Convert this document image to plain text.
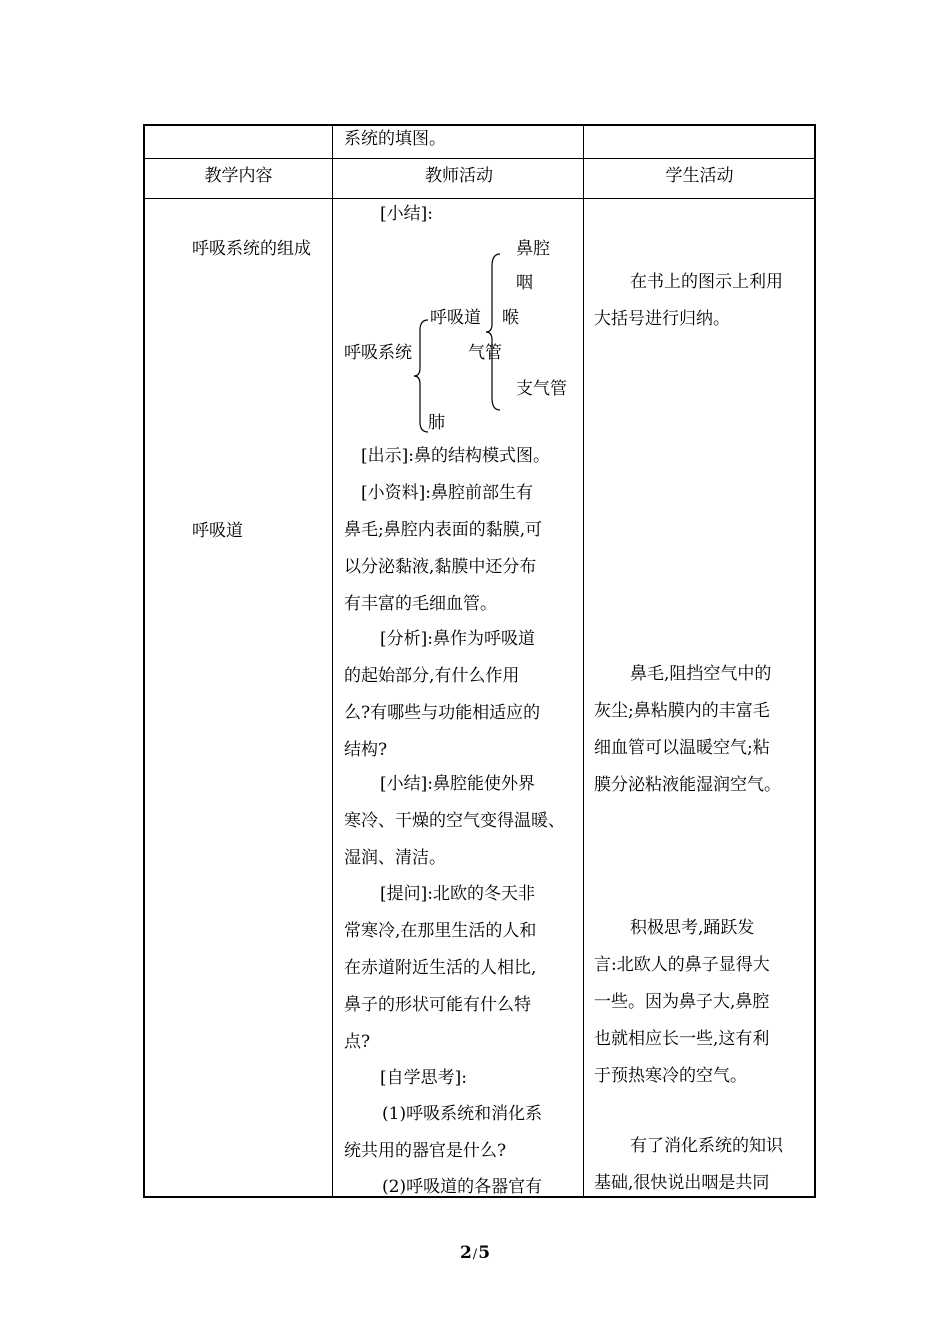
系统的填图。
教学内容	教师活动	学生活动
呼吸系统的组成
呼吸道
[小结]:
呼吸系统
呼吸道
肺
鼻腔
咽
喉
气管
支气管
[出示]:鼻的结构模式图。
[小资料]:鼻腔前部生有
鼻毛;鼻腔内表面的黏膜,可
以分泌黏液,黏膜中还分布
有丰富的毛细血管。
[分析]:鼻作为呼吸道
的起始部分,有什么作用
么?有哪些与功能相适应的
结构?
[小结]:鼻腔能使外界
寒冷、干燥的空气变得温暖、
湿润、清洁。
[提问]:北欧的冬天非
常寒冷,在那里生活的人和
在赤道附近生活的人相比,
鼻子的形状可能有什么特
点?
[自学思考]:
(1)呼吸系统和消化系
统共用的器官是什么?
(2)呼吸道的各器官有
在书上的图示上利用
大括号进行归纳。
鼻毛,阻挡空气中的
灰尘;鼻粘膜内的丰富毛
细血管可以温暖空气;粘
膜分泌粘液能湿润空气。
积极思考,踊跃发
言:北欧人的鼻子显得大
一些。因为鼻子大,鼻腔
也就相应长一些,这有利
于预热寒冷的空气。
有了消化系统的知识
基础,很快说出咽是共同
2/5
